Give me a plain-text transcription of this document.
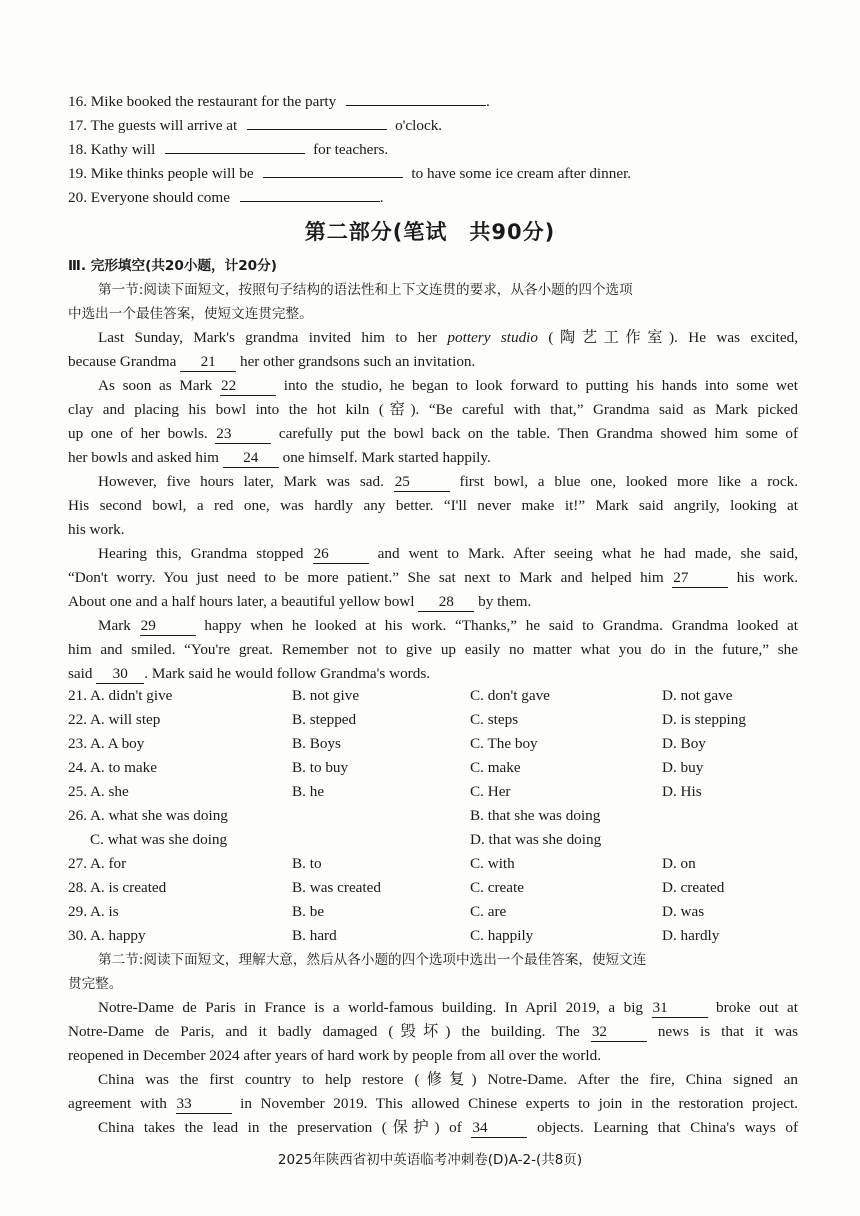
16. Mike booked the restaurant for the party	.
17. The guests will arrive at	o'clock.
18. Kathy will	for teachers.
19. Mike thinks people will be	to have some ice cream after dinner.
20. Everyone should come	.
第二部分(笔试　共90分)
Ⅲ. 完形填空(共20小题，计20分)
第一节:阅读下面短文，按照句子结构的语法性和上下文连贯的要求，从各小题的四个选项
中选出一个最佳答案，使短文连贯完整。
Last Sunday, Mark's grandma invited him to her pottery studio (陶艺工作室). He was excited,
because Grandma 21 her other grandsons such an invitation.
As soon as Mark 22	into the studio, he began to look forward to putting his hands into some wet
clay and placing his bowl into the hot kiln (窑). “Be careful with that,” Grandma said as Mark picked
up one of her bowls. 23	carefully put the bowl back on the table. Then Grandma showed him some of
her bowls and asked him 24 one himself. Mark started happily.
However, five hours later, Mark was sad. 25	first bowl, a blue one, looked more like a rock.
His second bowl, a red one, was hardly any better. “I'll never make it!” Mark said angrily, looking at
his work.
Hearing this, Grandma stopped 26	and went to Mark. After seeing what he had made, she said,
“Don't worry. You just need to be more patient.” She sat next to Mark and helped him 27	his work.
About one and a half hours later, a beautiful yellow bowl 28 by them.
Mark 29	happy when he looked at his work. “Thanks,” he said to Grandma. Grandma looked at
him and smiled. “You're great. Remember not to give up easily no matter what you do in the future,” she
said 30 . Mark said he would follow Grandma's words.
21. A. didn't give	B. not give	C. don't gave	D. not gave
22. A. will step	B. stepped	C. steps	D. is stepping
23. A. A boy	B. Boys	C. The boy	D. Boy
24. A. to make	B. to buy	C. make	D. buy
25. A. she	B. he	C. Her	D. His
26. A. what she was doing	B. that she was doing
C. what was she doing	D. that was she doing
27. A. for	B. to	C. with	D. on
28. A. is created	B. was created	C. create	D. created
29. A. is	B. be	C. are	D. was
30. A. happy	B. hard	C. happily	D. hardly
第二节:阅读下面短文，理解大意，然后从各小题的四个选项中选出一个最佳答案，使短文连
贯完整。
Notre-Dame de Paris in France is a world-famous building. In April 2019, a big 31	broke out at
Notre-Dame de Paris, and it badly damaged (毁坏) the building. The 32	news is that it was
reopened in December 2024 after years of hard work by people from all over the world.
China was the first country to help restore (修复) Notre-Dame. After the fire, China signed an
agreement with 33	in November 2019. This allowed Chinese experts to join in the restoration project.
China takes the lead in the preservation (保护) of 34	objects. Learning that China's ways of
2025年陕西省初中英语临考冲刺卷(D)A-2-(共8页)
